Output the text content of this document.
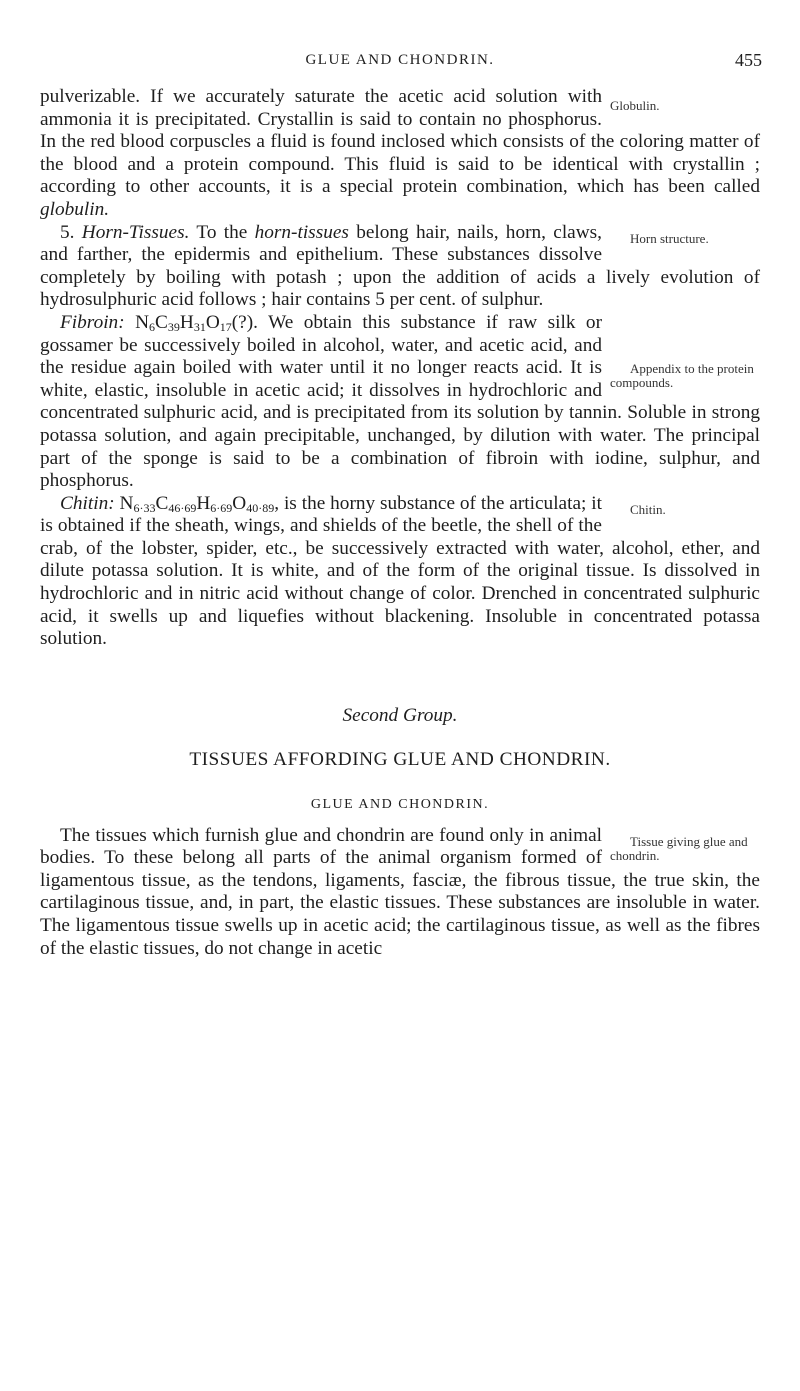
GLUE AND CHONDRIN.	455

Globulin.
pulverizable. If we accurately saturate the acetic acid solution with ammonia it is precipitated. Crystallin is said to contain no phosphorus. In the red blood corpuscles a fluid is found inclosed which consists of the coloring matter of the blood and a protein compound. This fluid is said to be identical with crystallin ; according to other accounts, it is a special protein combination, which has been called globulin.

Horn structure.
5. Horn-Tissues. To the horn-tissues belong hair, nails, horn, claws, and farther, the epidermis and epithelium. These substances dissolve completely by boiling with potash ; upon the addition of acids a lively evolution of hydrosulphuric acid follows ; hair contains 5 per cent. of sulphur.

Appendix to the protein compounds.
Fibroin: $N_6C_{39}H_{31}O_{17}(?)$. We obtain this substance if raw silk or gossamer be successively boiled in alcohol, water, and acetic acid, and the residue again boiled with water until it no longer reacts acid. It is white, elastic, insoluble in acetic acid; it dissolves in hydrochloric and concentrated sulphuric acid, and is precipitated from its solution by tannin. Soluble in strong potassa solution, and again precipitable, unchanged, by dilution with water. The principal part of the sponge is said to be a combination of fibroin with iodine, sulphur, and phosphorus.

Chitin.
Chitin: $N_{6\cdot 33}C_{46\cdot 69}H_{6\cdot 69}O_{40\cdot 89}$, is the horny substance of the articulata; it is obtained if the sheath, wings, and shields of the beetle, the shell of the crab, of the lobster, spider, etc., be successively extracted with water, alcohol, ether, and dilute potassa solution. It is white, and of the form of the original tissue. Is dissolved in hydrochloric and in nitric acid without change of color. Drenched in concentrated sulphuric acid, it swells up and liquefies without blackening. Insoluble in concentrated potassa solution.

Second Group.

TISSUES AFFORDING GLUE AND CHONDRIN.

GLUE AND CHONDRIN.

Tissue giving glue and chondrin.
The tissues which furnish glue and chondrin are found only in animal bodies. To these belong all parts of the animal organism formed of ligamentous tissue, as the tendons, ligaments, fasciæ, the fibrous tissue, the true skin, the cartilaginous tissue, and, in part, the elastic tissues. These substances are insoluble in water. The ligamentous tissue swells up in acetic acid; the cartilaginous tissue, as well as the fibres of the elastic tissues, do not change in acetic
